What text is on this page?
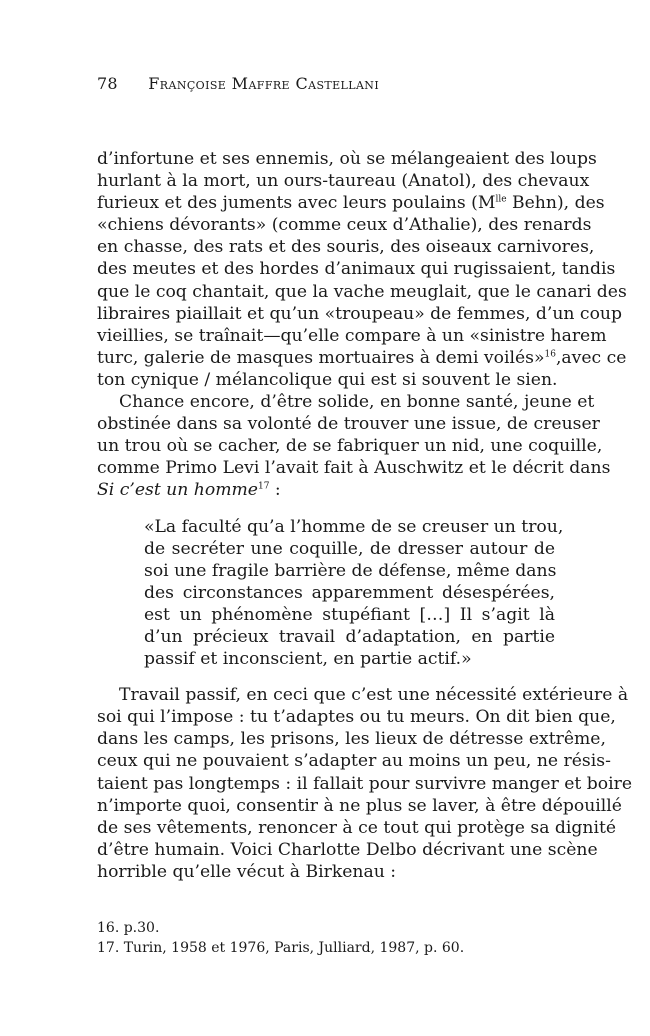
78 Françoise Maffre Castellani
d’infortune et ses ennemis, où se mélangeaient des loups
hurlant à la mort, un ours-taureau (Anatol), des chevaux
furieux et des juments avec leurs poulains ($M^{lle}$ Behn), des
«chiens dévorants» (comme ceux d’Athalie), des renards
en chasse, des rats et des souris, des oiseaux carnivores,
des meutes et des hordes d’animaux qui rugissaient, tandis
que le coq chantait, que la vache meuglait, que le canari des
libraires piaillait et qu’un «troupeau» de femmes, d’un coup
vieillies, se traînait—qu’elle compare à un «sinistre harem
turc, galerie de masques mortuaires à demi voilés»$^{16}$,avec ce
ton cynique / mélancolique qui est si souvent le sien.
Chance encore, d’être solide, en bonne santé, jeune et
obstinée dans sa volonté de trouver une issue, de creuser
un trou où se cacher, de se fabriquer un nid, une coquille,
comme Primo Levi l’avait fait à Auschwitz et le décrit dans
Si c’est un homme$^{17}$ :
«La faculté qu’a l’homme de se creuser un trou,
de secréter une coquille, de dresser autour de
soi une fragile barrière de défense, même dans
des circonstances apparemment désespérées,
est un phénomène stupéfiant […] Il s’agit là
d’un précieux travail d’adaptation, en partie
passif et inconscient, en partie actif.»
Travail passif, en ceci que c’est une nécessité extérieure à
soi qui l’impose : tu t’adaptes ou tu meurs. On dit bien que,
dans les camps, les prisons, les lieux de détresse extrême,
ceux qui ne pouvaient s’adapter au moins un peu, ne résis-
taient pas longtemps : il fallait pour survivre manger et boire
n’importe quoi, consentir à ne plus se laver, à être dépouillé
de ses vêtements, renoncer à ce tout qui protège sa dignité
d’être humain. Voici Charlotte Delbo décrivant une scène
horrible qu’elle vécut à Birkenau :

16. p.30.

17. Turin, 1958 et 1976, Paris, Julliard, 1987, p. 60.
